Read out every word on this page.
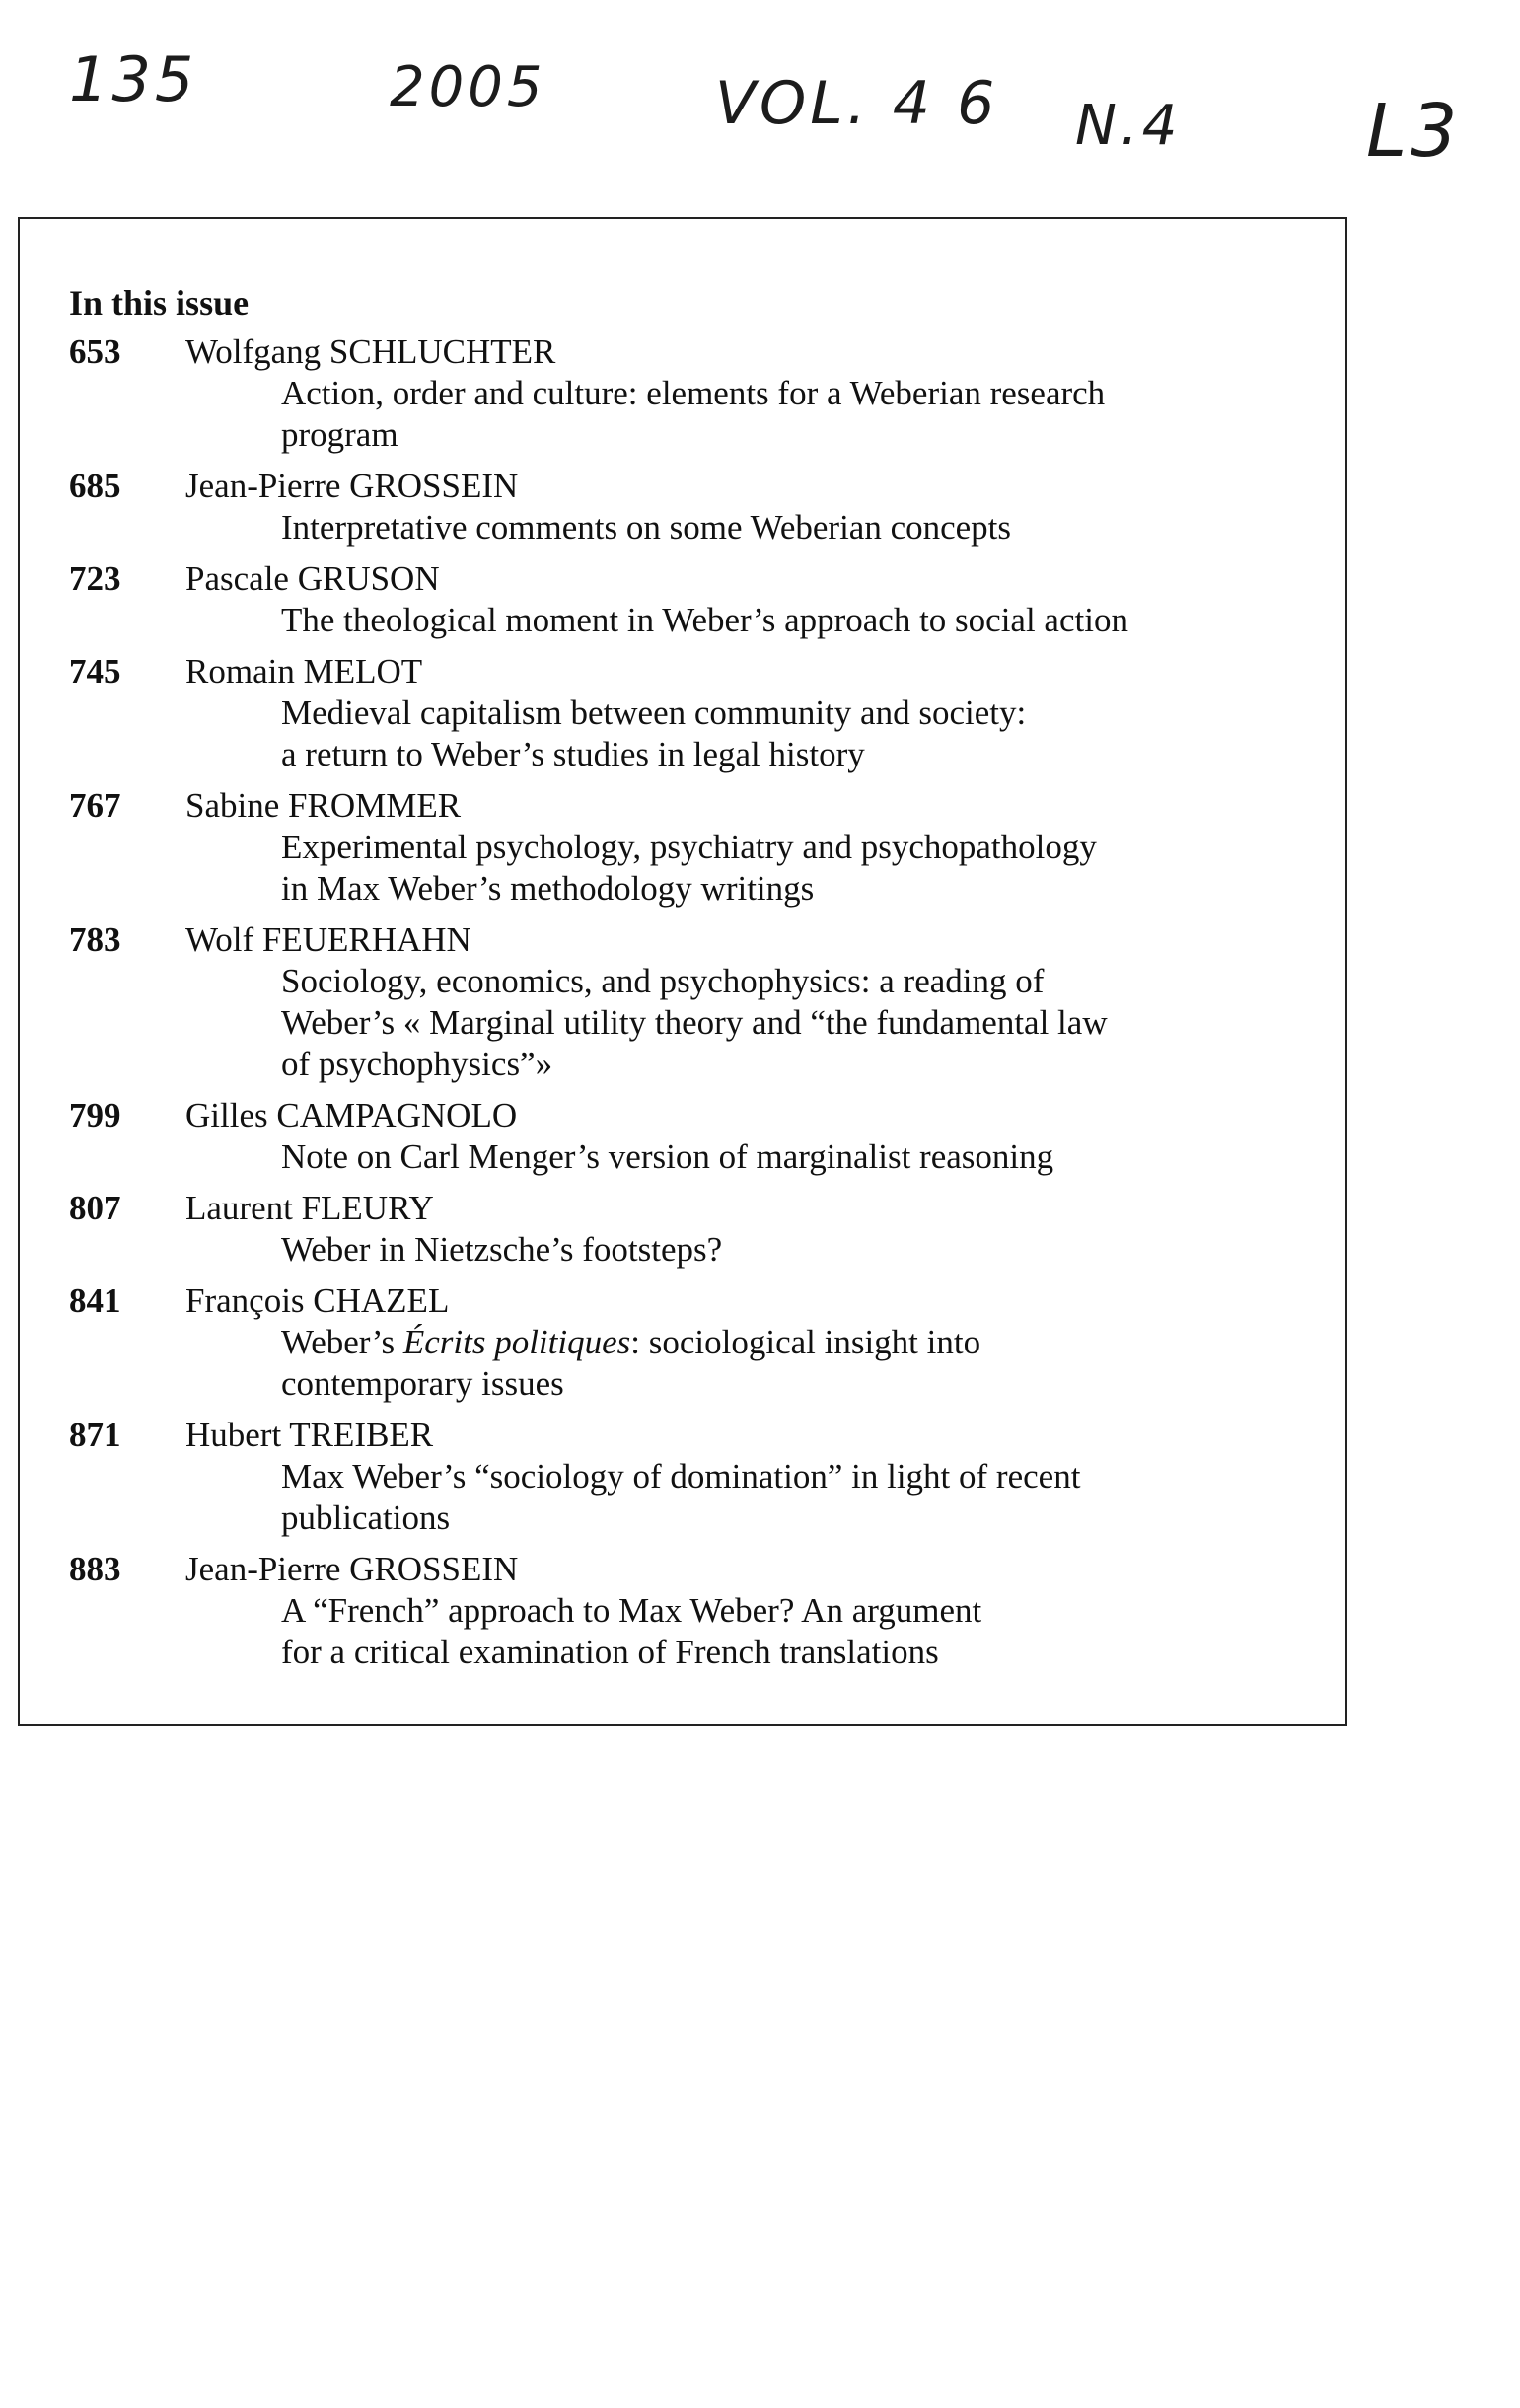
135	2005	VOL. 4 6 N.4	L3
In this issue
653 Wolfgang SCHLUCHTER
Action, order and culture: elements for a Weberian research
program
685 Jean-Pierre GROSSEIN
Interpretative comments on some Weberian concepts
723 Pascale GRUSON
The theological moment in Weber’s approach to social action
745 Romain MELOT
Medieval capitalism between community and society:
a return to Weber’s studies in legal history
767 Sabine FROMMER
Experimental psychology, psychiatry and psychopathology
in Max Weber’s methodology writings
783 Wolf FEUERHAHN
Sociology, economics, and psychophysics: a reading of
Weber’s « Marginal utility theory and “the fundamental law
of psychophysics”»
799 Gilles CAMPAGNOLO
Note on Carl Menger’s version of marginalist reasoning
807 Laurent FLEURY
Weber in Nietzsche’s footsteps?
841 François CHAZEL
Weber’s Écrits politiques: sociological insight into
contemporary issues
871 Hubert TREIBER
Max Weber’s “sociology of domination” in light of recent
publications
883 Jean-Pierre GROSSEIN
A “French” approach to Max Weber? An argument
for a critical examination of French translations
